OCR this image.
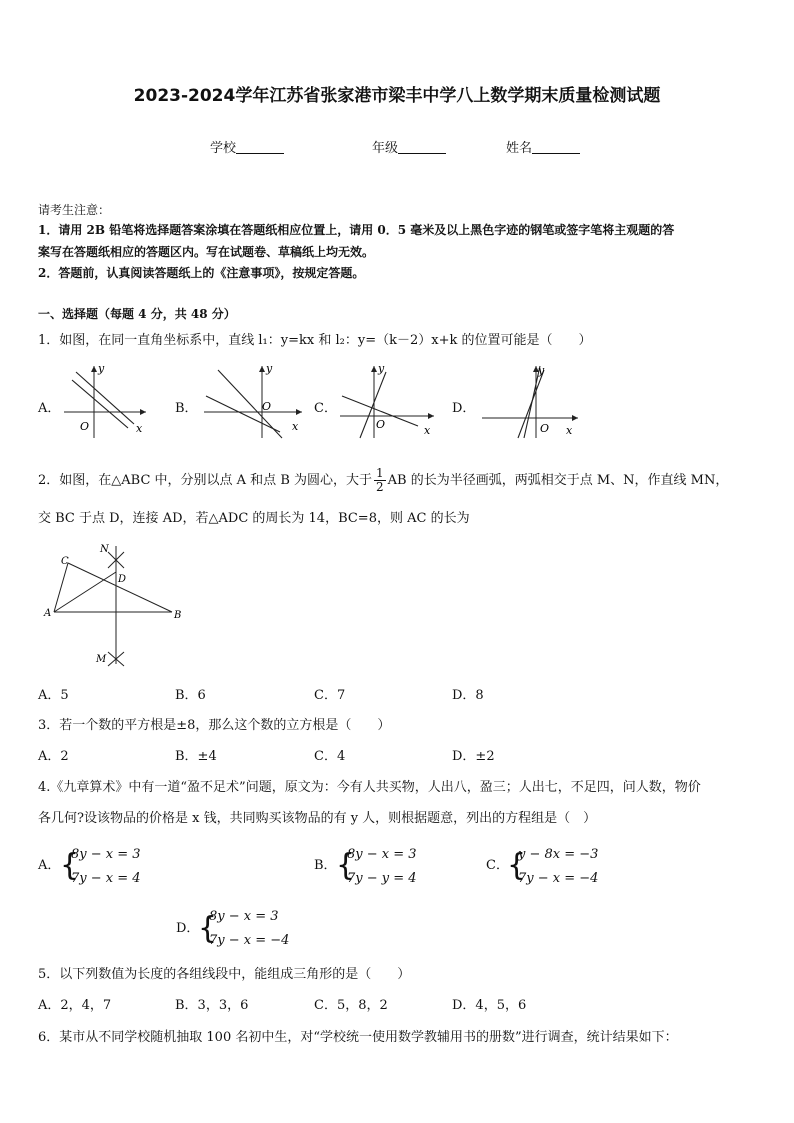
2023-2024学年江苏省张家港市梁丰中学八上数学期末质量检测试题
学校	年级	姓名
请考生注意：
1．请用 2B 铅笔将选择题答案涂填在答题纸相应位置上，请用 0．5 毫米及以上黑色字迹的钢笔或签字笔将主观题的答
案写在答题纸相应的答题区内。写在试题卷、草稿纸上均无效。
2．答题前，认真阅读答题纸上的《注意事项》，按规定答题。
一、选择题（每题 4 分，共 48 分）
1．如图，在同一直角坐标系中，直线 l₁：y=kx 和 l₂：y=（k－2）x+k 的位置可能是（　　）
A．
y
x
O
B．
y
x
O	C．
y
x
O
D．
y
x
O
2．如图，在△ABC 中，分别以点 A 和点 B 为圆心，大于 $\frac{1}{2}$ AB 的长为半径画弧，两弧相交于点 M、N，作直线 MN，
交 BC 于点 D，连接 AD，若△ADC 的周长为 14，BC=8，则 AC 的长为
C
A	B
D
N
M
A．5	B．6	C．7	D．8
3．若一个数的平方根是±8，那么这个数的立方根是（　　）
A．2	B．±4	C．4	D．±2
4.《九章算术》中有一道“盈不足术”问题，原文为：今有人共买物，人出八，盈三；人出七，不足四，问人数，物价
各几何?设该物品的价格是 x 钱，共同购买该物品的有 y 人，则根据题意，列出的方程组是（　）
A． {
8y − x = 3
7y − x = 4
B． {
8y − x = 3
7y − y = 4
C．
{
y − 8x = −3
7y − x = −4
D．
{
8y − x = 3
7y − x = −4
5．以下列数值为长度的各组线段中，能组成三角形的是（　　）
A．2，4，7	B．3，3，6	C．5，8，2	D．4，5，6
6．某市从不同学校随机抽取 100 名初中生，对“学校统一使用数学教辅用书的册数”进行调查，统计结果如下：
